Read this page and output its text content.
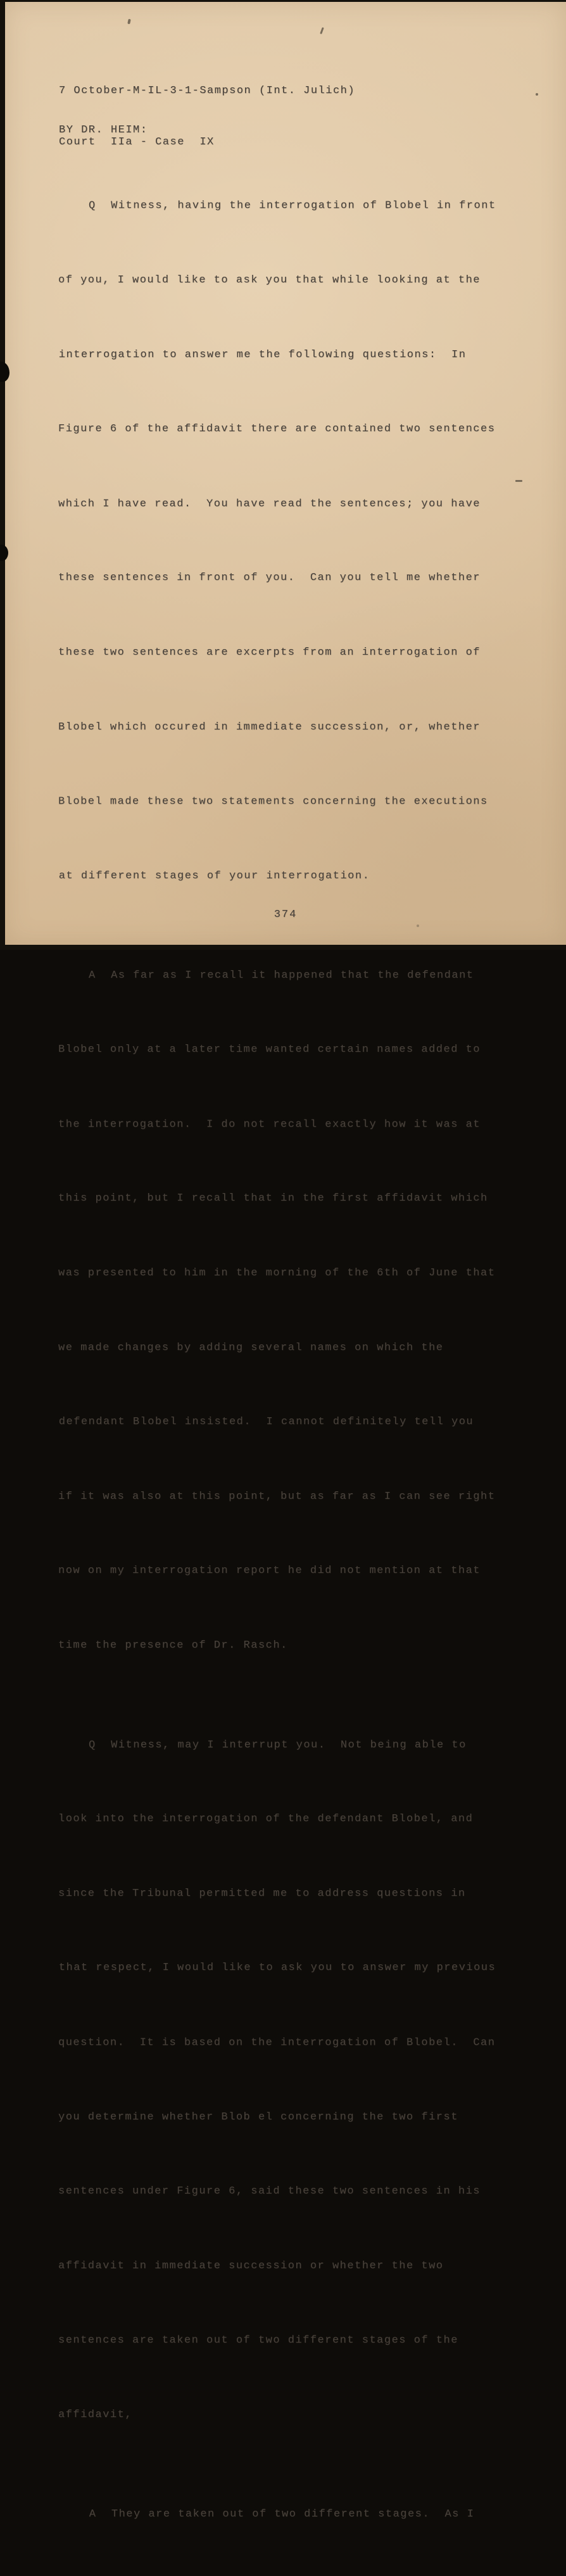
7 October-M-IL-3-1-Sampson (Int. Julich)

Court  IIa - Case  IX

BY DR. HEIM:

Q  Witness, having the interrogation of Blobel in front

of you, I would like to ask you that while looking at the

interrogation to answer me the following questions:  In

Figure 6 of the affidavit there are contained two sentences

which I have read.  You have read the sentences; you have

these sentences in front of you.  Can you tell me whether

these two sentences are excerpts from an interrogation of

Blobel which occured in immediate succession, or, whether

Blobel made these two statements concerning the executions

at different stages of your interrogation.

A  As far as I recall it happened that the defendant

Blobel only at a later time wanted certain names added to

the interrogation.  I do not recall exactly how it was at

this point, but I recall that in the first affidavit which

was presented to him in the morning of the 6th of June that

we made changes by adding several names on which the

defendant Blobel insisted.  I cannot definitely tell you

if it was also at this point, but as far as I can see right

now on my interrogation report he did not mention at that

time the presence of Dr. Rasch.

Q  Witness, may I interrupt you.  Not being able to

look into the interrogation of the defendant Blobel, and

since the Tribunal permitted me to address questions in

that respect, I would like to ask you to answer my previous

question.  It is based on the interrogation of Blobel.  Can

you determine whether Blob el concerning the two first

sentences under Figure 6, said these two sentences in his

affidavit in immediate succession or whether the two

sentences are taken out of two different stages of the

affidavit,

A  They are taken out of two different stages.  As I

374
